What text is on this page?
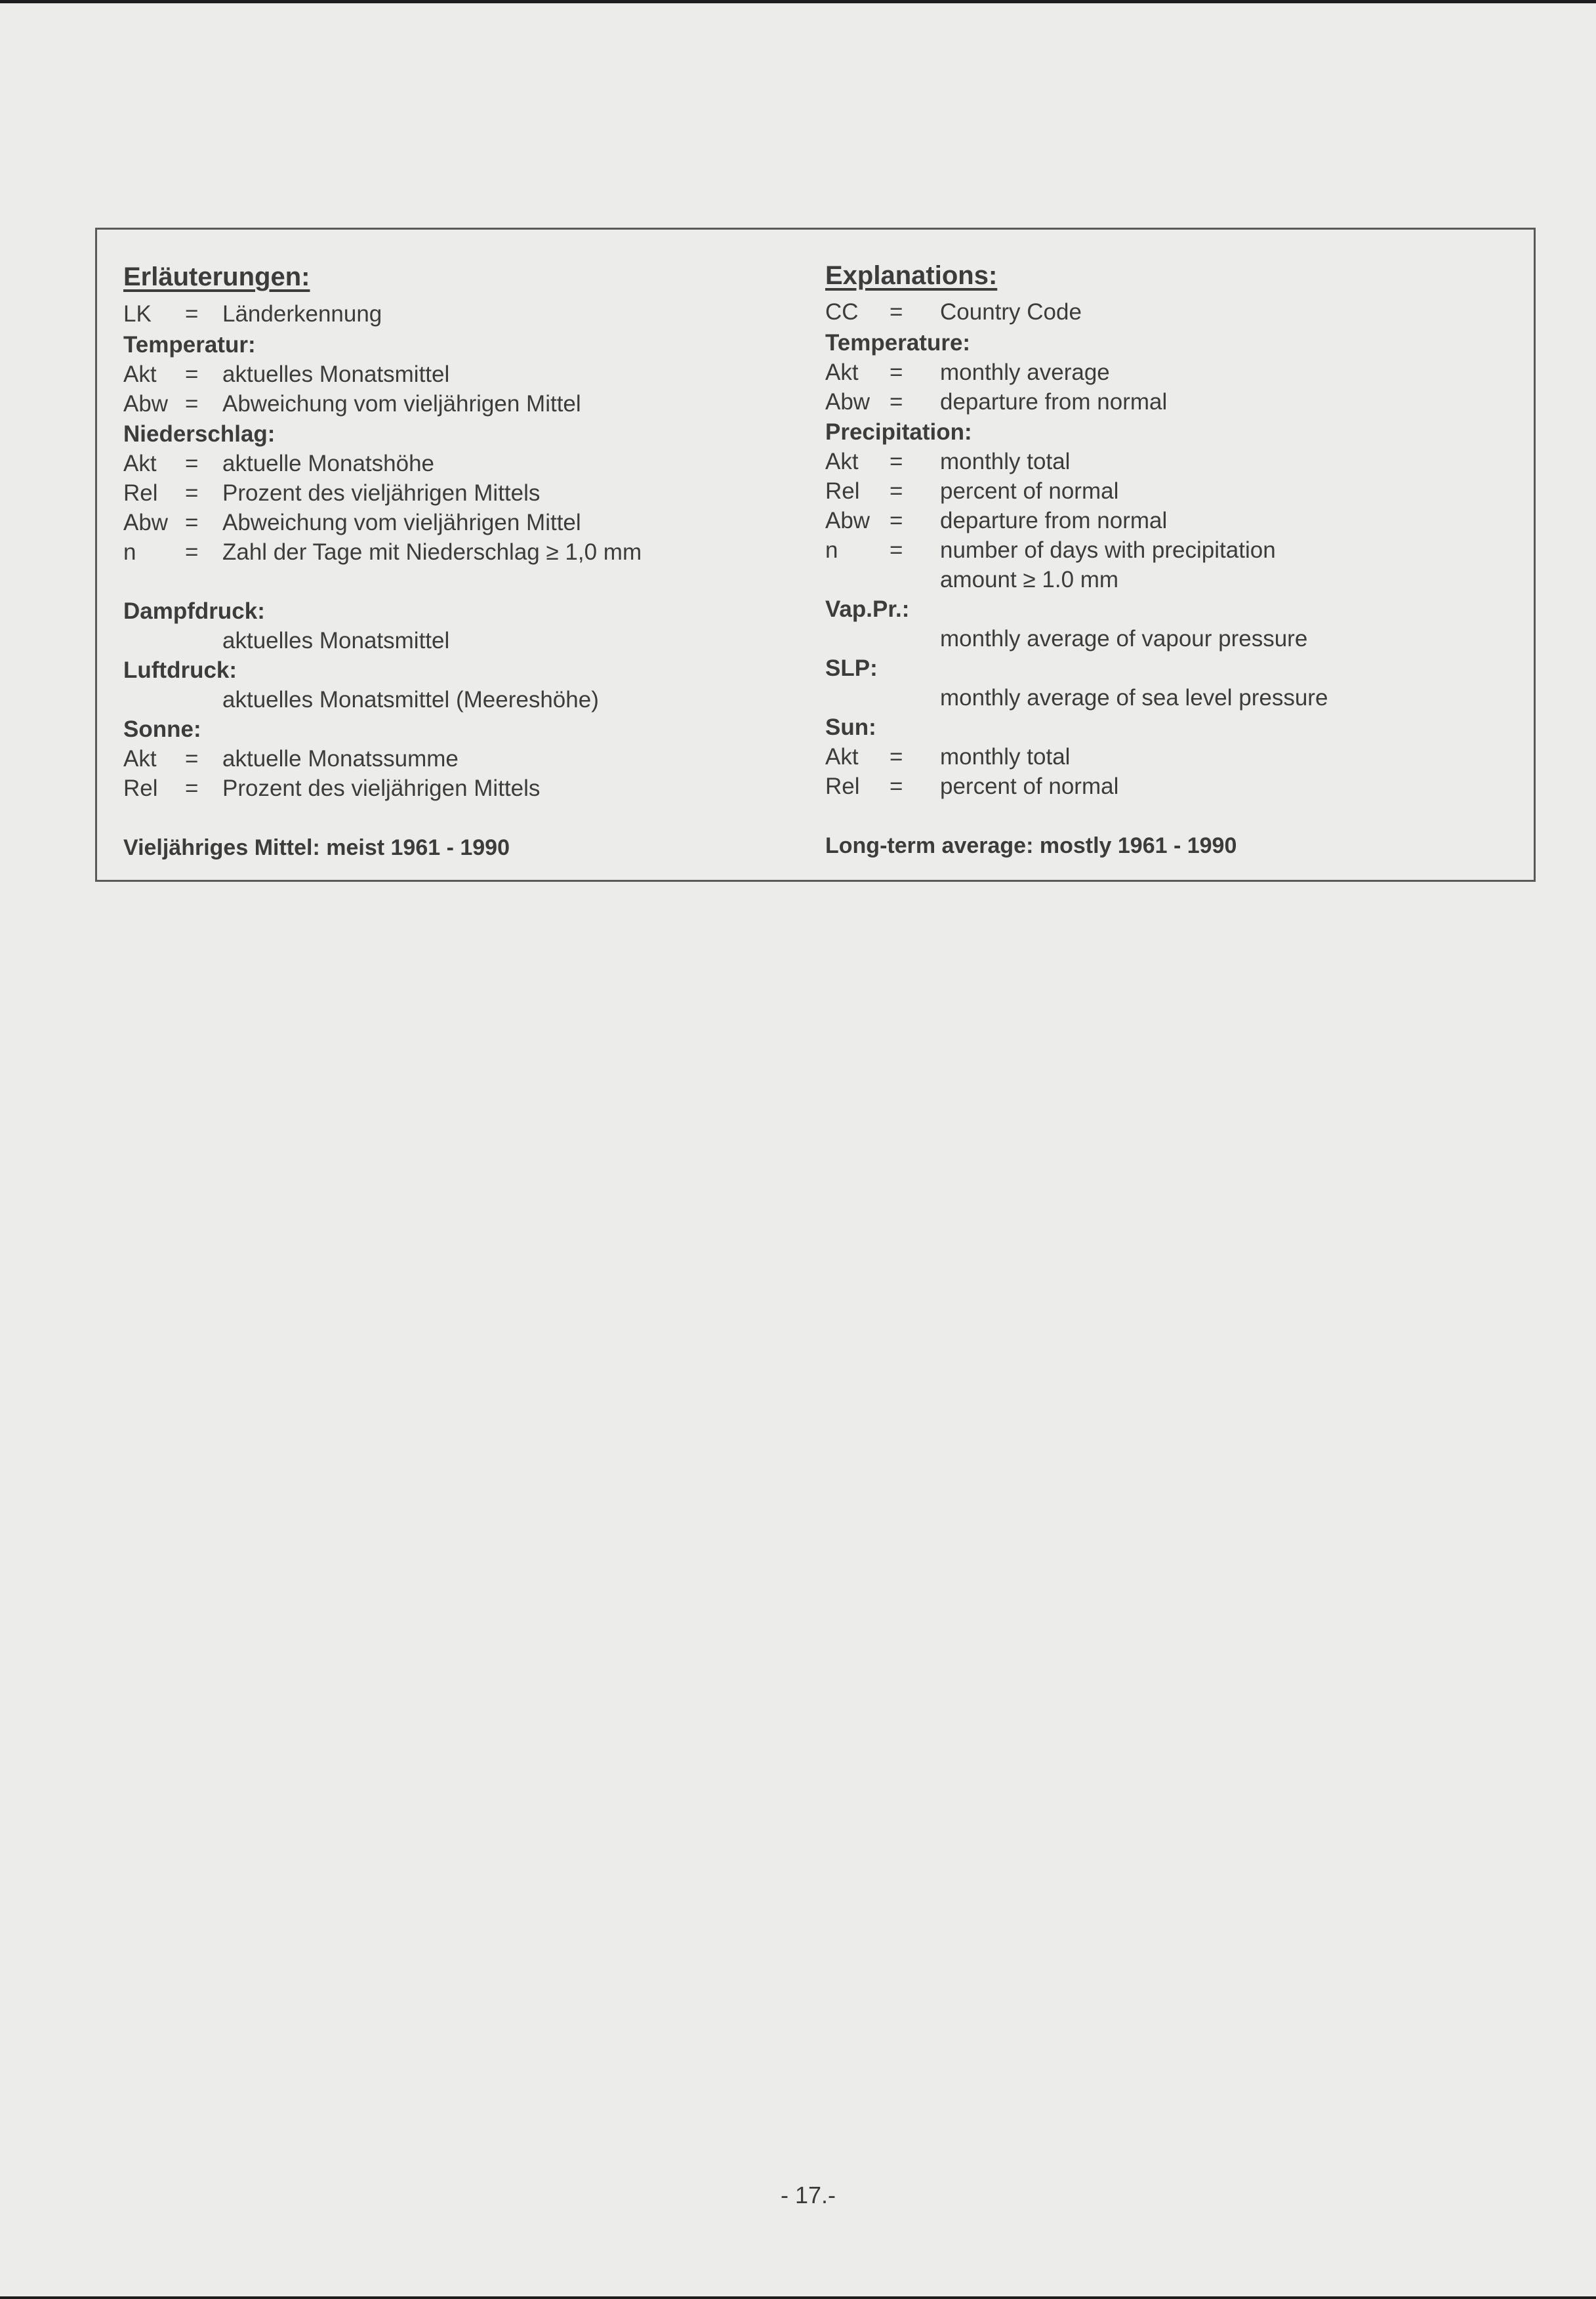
Erläuterungen:
LK = Länderkennung
Temperatur:
Akt = aktuelles Monatsmittel
Abw = Abweichung vom vieljährigen Mittel
Niederschlag:
Akt = aktuelle Monatshöhe
Rel = Prozent des vieljährigen Mittels
Abw = Abweichung vom vieljährigen Mittel
n = Zahl der Tage mit Niederschlag ≥ 1,0 mm
Dampfdruck:
aktuelles Monatsmittel
Luftdruck:
aktuelles Monatsmittel (Meereshöhe)
Sonne:
Akt = aktuelle Monatssumme
Rel = Prozent des vieljährigen Mittels
Vieljähriges Mittel: meist 1961 - 1990
Explanations:
CC = Country Code
Temperature:
Akt = monthly average
Abw = departure from normal
Precipitation:
Akt = monthly total
Rel = percent of normal
Abw = departure from normal
n = number of days with precipitation
amount ≥ 1.0 mm
Vap.Pr.:
monthly average of vapour pressure
SLP:
monthly average of sea level pressure
Sun:
Akt = monthly total
Rel = percent of normal
Long-term average: mostly 1961 - 1990
- 17.-
